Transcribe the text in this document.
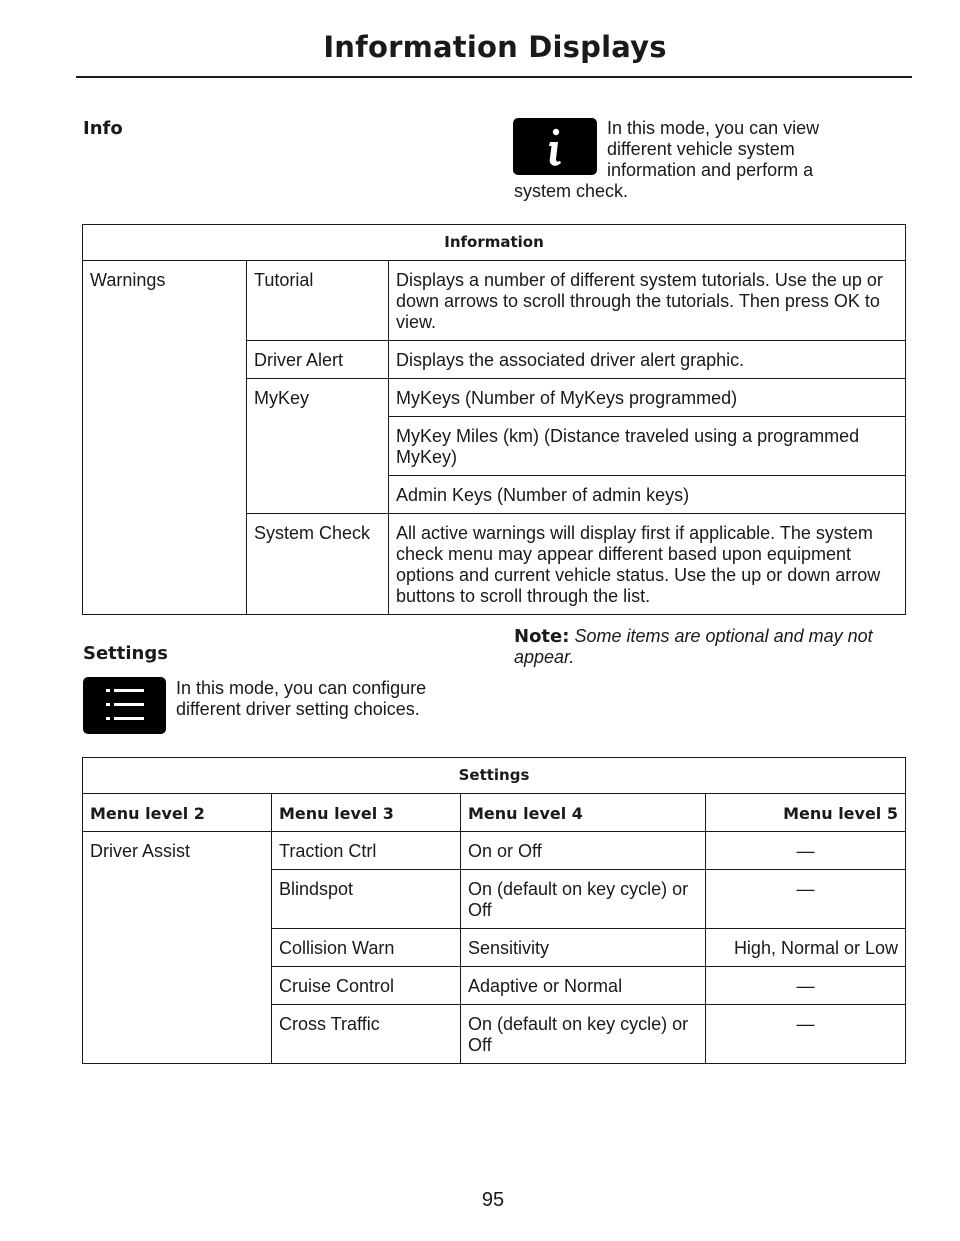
Information Displays
Info	In this mode, you can view different vehicle system information and perform a system check.
Information		
Warnings	Tutorial	Displays a number of different system tutorials. Use the up or down arrows to scroll through the tutorials. Then press OK to view.
	Driver Alert	Displays the associated driver alert graphic.
	MyKey	MyKeys (Number of MyKeys programmed)
		MyKey Miles (km) (Distance traveled using a programmed MyKey)
		Admin Keys (Number of admin keys)
	System Check	All active warnings will display first if applicable. The system check menu may appear different based upon equipment options and current vehicle status. Use the up or down arrow buttons to scroll through the list.
Settings
In this mode, you can configure different driver setting choices.
Note: Some items are optional and may not appear.
Settings			
Menu level 2	Menu level 3	Menu level 4	Menu level 5
Driver Assist	Traction Ctrl	On or Off	—
	Blindspot	On (default on key cycle) or Off	—
	Collision Warn	Sensitivity	High, Normal or Low
	Cruise Control	Adaptive or Normal	—
	Cross Traffic	On (default on key cycle) or Off	—
95
